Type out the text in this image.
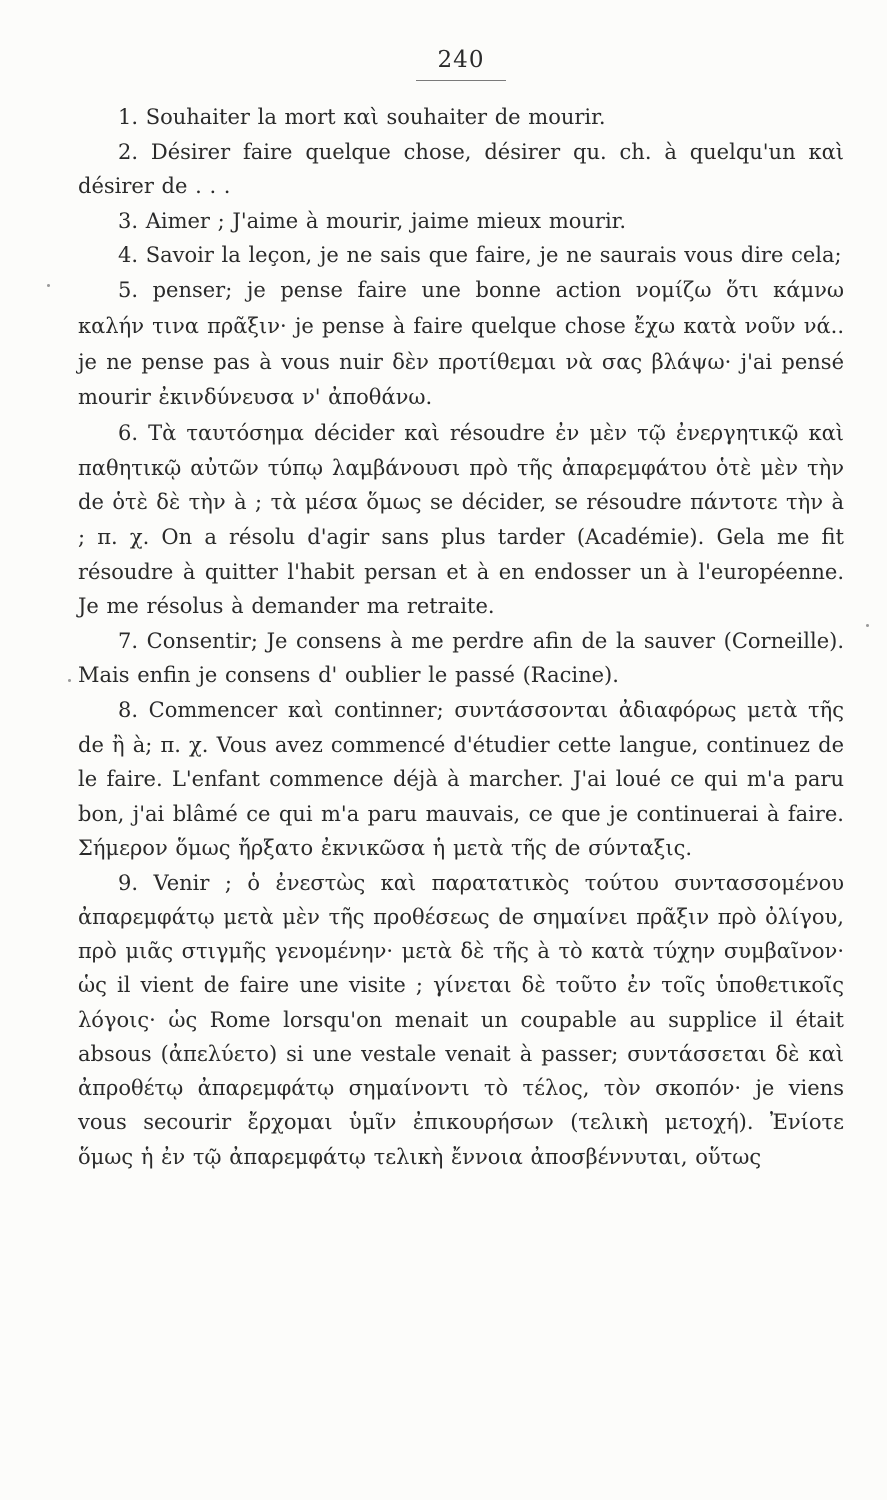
240

1. Souhaiter la mort καὶ souhaiter de mourir.

2. Désirer faire quelque chose, désirer qu. ch. à quelqu'un καὶ désirer de . . .

3. Aimer ; J'aime à mourir, jaime mieux mourir.

4. Savoir la leçon, je ne sais que faire, je ne saurais vous dire cela;

5. penser; je pense faire une bonne action νομίζω ὅτι κάμνω καλήν τινα πρᾶξιν· je pense à faire quelque chose ἔχω κατὰ νοῦν νά.. je ne pense pas à vous nuir δὲν προτίθεμαι νὰ σας βλάψω· j'ai pensé mourir ἐκινδύνευσα ν' ἀποθάνω.

6. Τὰ ταυτόσημα décider καὶ résoudre ἐν μὲν τῷ ἐνεργητικῷ καὶ παθητικῷ αὐτῶν τύπῳ λαμβάνουσι πρὸ τῆς ἀπαρεμφάτου ὁτὲ μὲν τὴν de ὁτὲ δὲ τὴν à ; τὰ μέσα ὅμως se décider, se résoudre πάντοτε τὴν à ; π. χ. On a résolu d'agir sans plus tarder (Académie). Gela me fit résoudre à quitter l'habit persan et à en endosser un à l'européenne. Je me résolus à demander ma retraite.

7. Consentir; Je consens à me perdre afin de la sauver (Corneille). Mais enfin je consens d' oublier le passé (Racine).

8. Commencer καὶ continner; συντάσσονται ἀδιαφόρως μετὰ τῆς de ἢ à; π. χ. Vous avez commencé d'étudier cette langue, continuez de le faire. L'enfant commence déjà à marcher. J'ai loué ce qui m'a paru bon, j'ai blâmé ce qui m'a paru mauvais, ce que je continuerai à faire. Σήμερον ὅμως ἤρξατο ἐκνικῶσα ἡ μετὰ τῆς de σύνταξις.

9. Venir ; ὁ ἐνεστὼς καὶ παρατατικὸς τούτου συντασσομένου ἀπαρεμφάτῳ μετὰ μὲν τῆς προθέσεως de σημαίνει πρᾶξιν πρὸ ὀλίγου, πρὸ μιᾶς στιγμῆς γενομένην· μετὰ δὲ τῆς à τὸ κατὰ τύχην συμβαῖνον· ὡς il vient de faire une visite ; γίνεται δὲ τοῦτο ἐν τοῖς ὑποθετικοῖς λόγοις· ὡς Rome lorsqu'on menait un coupable au supplice il était absous (ἀπελύετο) si une vestale venait à passer; συντάσσεται δὲ καὶ ἀπροθέτῳ ἀπαρεμφάτῳ σημαίνοντι τὸ τέλος, τὸν σκοπόν· je viens vous secourir ἔρχομαι ὑμῖν ἐπικουρήσων (τελικὴ μετοχή). Ἐνίοτε ὅμως ἡ ἐν τῷ ἀπαρεμφάτῳ τελικὴ ἔννοια ἀποσβέννυται, οὕτως
